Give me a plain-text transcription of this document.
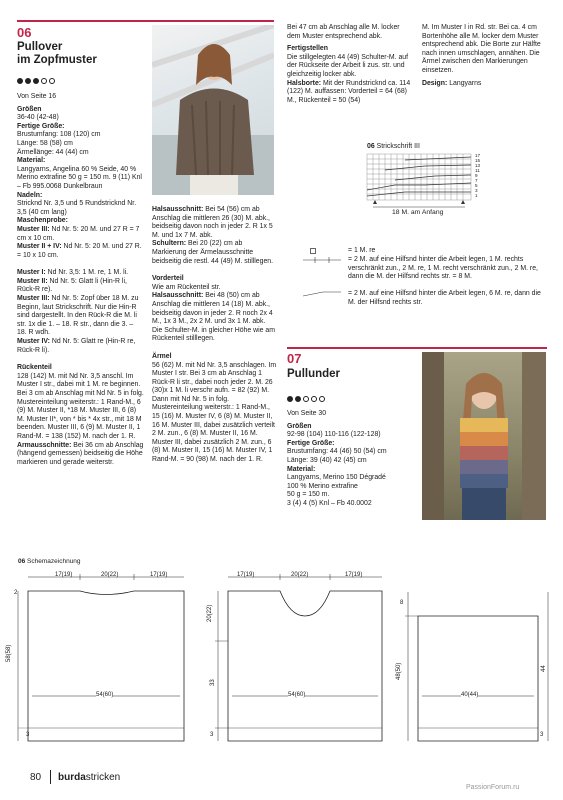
06
Pullover
im Zopfmuster

Von Seite 16

Größen
36-40 (42-48)
Fertige Größe:
Brustumfang: 108 (120) cm
Länge: 58 (58) cm
Ärmellänge: 44 (44) cm
Material:
Langyarns, Angelina 60 % Seide, 40 % Merino extrafine 50 g = 150 m. 9 (11) Knl – Fb 995.0068 Dunkelbraun
Nadeln:
Stricknd Nr. 3,5 und 5 Rundstricknd Nr. 3,5 (40 cm lang)
Maschenprobe:
Muster III: Nd Nr. 5: 20 M. und 27 R = 7 cm x 10 cm.

Muster II + IV: Nd Nr. 5: 20 M. und 27 R. = 10 x 10 cm.

Muster I: Nd Nr. 3,5: 1 M. re, 1 M. li.
Muster II: Nd Nr. 5: Glatt li (Hin-R li, Rück-R re).
Muster III: Nd Nr. 5: Zopf über 18 M. zu Beginn, laut Strickschrift. Nur die Hin-R sind dargestellt. In den Rück-R die M. li str. 1x die 1. – 18. R str., dann die 3. – 18. R wdh.

Muster IV: Nd Nr. 5: Glatt re (Hin-R re, Rück-R li).

Rückenteil
128 (142) M. mit Nd Nr. 3,5 anschl. Im Muster I str., dabei mit 1 M. re beginnen. Bei 3 cm ab Anschlag mit Nd Nr. 5 in folg. Mustereinteilung weiterstr.: 1 Rand-M., 6 (9) M. Muster II, *18 M. Muster III, 6 (8) M. Muster II*, von * bis * 4x str., mit 18 M beenden. Muster III, 6 (9) M. Muster II, 1 Rand-M. = 138 (152) M. nach der 1. R.
Armausschnitte: Bei 36 cm ab Anschlag (hängend gemessen) beidseitig die Höhe markieren und gerade weiterstr.

Halsausschnitt: Bei 54 (56) cm ab Anschlag die mittleren 26 (30) M. abk., beidseitig davon noch in jeder 2. R 1x 5 M. und 1x 7 M. abk.

Schultern: Bei 20 (22) cm ab Markierung der Ärmelausschnitte beidseitig die restl. 44 (49) M. stilllegen.

Vorderteil
Wie am Rückenteil str.

Halsausschnitt: Bei 48 (50) cm ab Anschlag die mittleren 14 (18) M. abk., beidseitig davon in jeder 2. R noch 2x 4 M., 1x 3 M., 2x 2 M. und 3x 1 M. abk. Die Schulter-M. in gleicher Höhe wie am Rückenteil stilllegen.

Ärmel
56 (62) M. mit Nd Nr. 3,5 anschlagen. Im Muster I str. Bei 3 cm ab Anschlag 1 Rück-R li str., dabei noch jeder 2. M. 26 (30)x 1 M. li verschr aufn. = 82 (92) M. Dann mit Nd Nr. 5 in folg. Mustereinteilung weiterstr.: 1 Rand-M., 15 (16) M. Muster IV, 6 (8) M. Muster II, 16 M. Muster III, dabei zusätzlich verteilt 2 M. zun., 6 (8) M. Muster II, 16 M. Muster III, dabei zusätzlich 2 M. zun., 6 (8) M. Muster II, 15 (16) M. Muster IV, 1 Rand-M. = 90 (98) M. nach der 1. R.

Bei 47 cm ab Anschlag alle M. locker dem Muster entsprechend abk.

Fertigstellen
Die stillgelegten 44 (49) Schulter-M. auf der Rückseite der Arbeit li zus. str. und gleichzeitig locker abk.
Halsborte: Mit der Rundstricknd ca. 114 (122) M. auffassen: Vorderteil = 64 (68) M., Rückenteil = 50 (54)

M. Im Muster I in Rd. str. Bei ca. 4 cm Bortenhöhe alle M. locker dem Muster entsprechend abk. Die Borte zur Hälfte nach innen umschlagen, annähen. Die Ärmel zwischen den Markierungen einsetzen.

Design: Langyarns
06 Strickschrift III
17
15
13
11
9
7
5
3
1
18 M. am Anfang
= 1 M. re
= 2 M. auf eine Hilfsnd hinter die Arbeit legen, 1 M. rechts verschränkt zun., 2 M. re, 1 M. recht verschränkt zun., 2 M. re, dann die M. der Hilfsnd rechts str. = 8 M.
= 2 M. auf eine Hilfsnd hinter die Arbeit legen, 6 M. re, dann die M. der Hilfsnd rechts str.
07
Pullunder

Von Seite 30

Größen
92-98 (104) 110-116 (122-128)
Fertige Größe:
Brustumfang: 44 (46) 50 (54) cm
Länge: 39 (40) 42 (45) cm
Material:
Langyarns, Merino 150 Dégradé
100 % Merino extrafine
50 g = 150 m.
3 (4) 4 (5) Knl – Fb 40.0002
06 Schemazeichnung
17(19)	20(22)	17(19)
2
58(58)
54(60)
3
17(19)	20(22)	17(19)
20(22)
33
54(60)
3
8
48(50)
40(44)
44
3
80 burdastricken
PassionForum.ru
